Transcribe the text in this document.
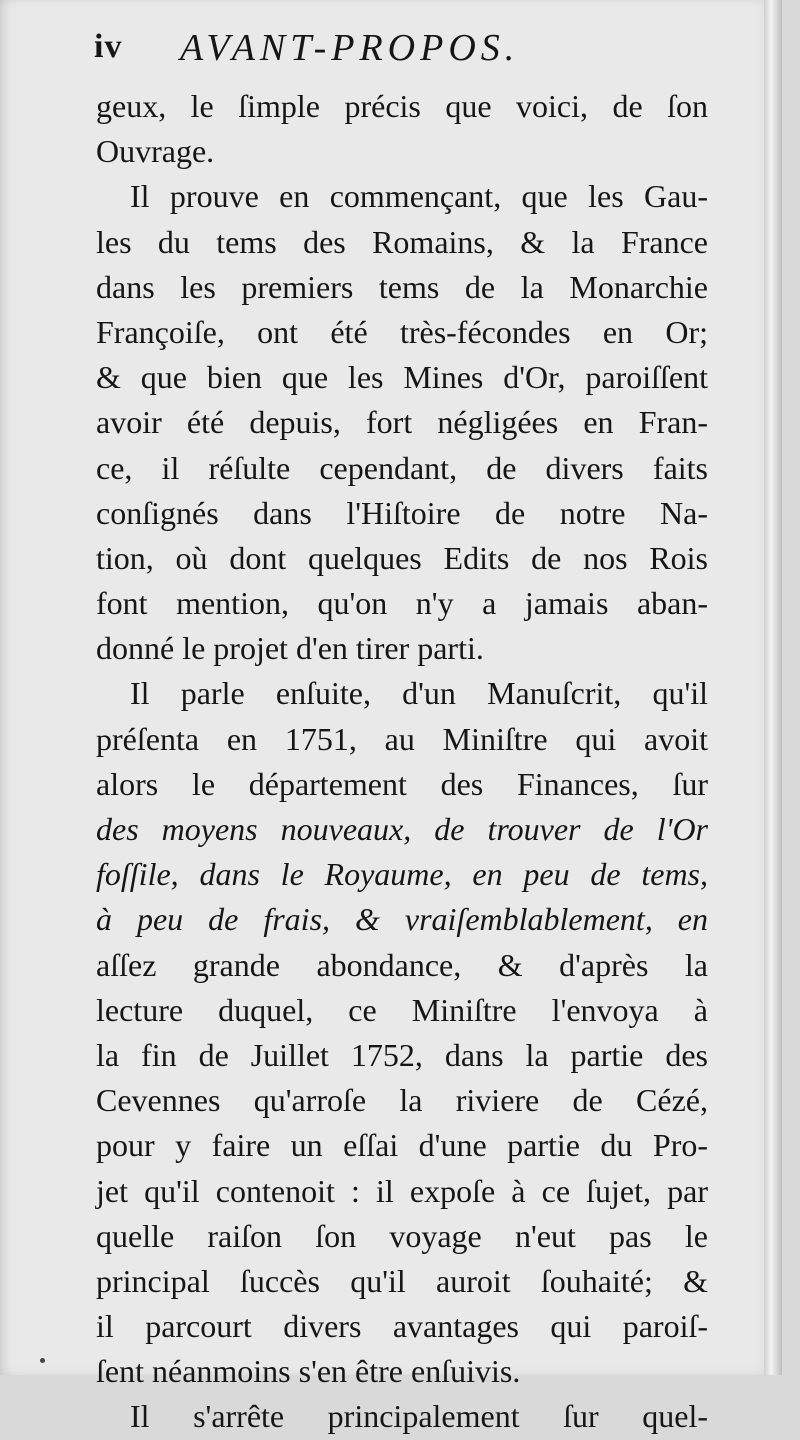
iv AVANT-PROPOS.
geux, le ſimple précis que voici, de ſon
Ouvrage.
Il prouve en commençant, que les Gau-
les du tems des Romains, & la France
dans les premiers tems de la Monarchie
Françoiſe, ont été très-fécondes en Or;
& que bien que les Mines d'Or, paroiſſent
avoir été depuis, fort négligées en Fran-
ce, il réſulte cependant, de divers faits
conſignés dans l'Hiſtoire de notre Na-
tion, où dont quelques Edits de nos Rois
font mention, qu'on n'y a jamais aban-
donné le projet d'en tirer parti.
Il parle enſuite, d'un Manuſcrit, qu'il
préſenta en 1751, au Miniſtre qui avoit
alors le département des Finances, ſur
des moyens nouveaux, de trouver de l'Or
foſſile, dans le Royaume, en peu de tems,
à peu de frais, & vraiſemblablement, en
aſſez grande abondance, & d'après la
lecture duquel, ce Miniſtre l'envoya à
la fin de Juillet 1752, dans la partie des
Cevennes qu'arroſe la riviere de Cézé,
pour y faire un eſſai d'une partie du Pro-
jet qu'il contenoit : il expoſe à ce ſujet, par
quelle raiſon ſon voyage n'eut pas le
principal ſuccès qu'il auroit ſouhaité; &
il parcourt divers avantages qui paroiſ-
ſent néanmoins s'en être enſuivis.
Il s'arrête principalement ſur quel-
